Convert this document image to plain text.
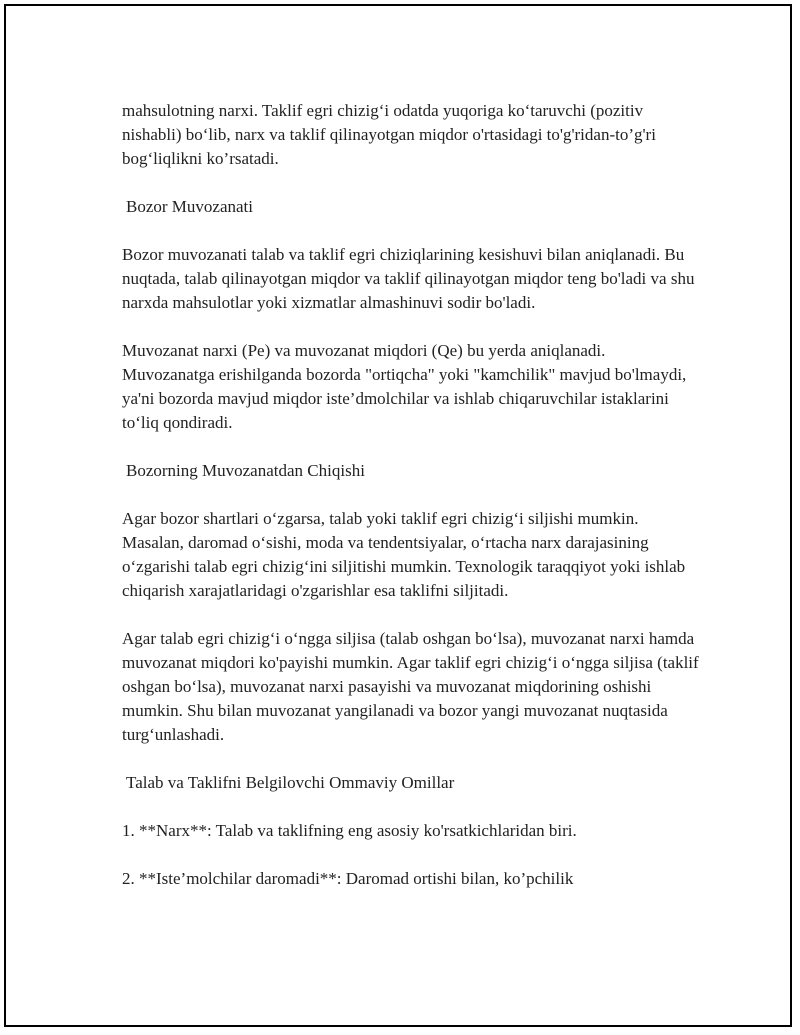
mahsulotning narxi. Taklif egri chizig‘i odatda yuqoriga ko‘taruvchi (pozitiv nishabli) bo‘lib, narx va taklif qilinayotgan miqdor o'rtasidagi to'g'ridan-to’g'ri bog‘liqlikni ko’rsatadi.

Bozor Muvozanati

Bozor muvozanati talab va taklif egri chiziqlarining kesishuvi bilan aniqlanadi. Bu nuqtada, talab qilinayotgan miqdor va taklif qilinayotgan miqdor teng bo'ladi va shu narxda mahsulotlar yoki xizmatlar almashinuvi sodir bo'ladi.

Muvozanat narxi (Pe) va muvozanat miqdori (Qe) bu yerda aniqlanadi. Muvozanatga erishilganda bozorda "ortiqcha" yoki "kamchilik" mavjud bo'lmaydi, ya'ni bozorda mavjud miqdor iste’dmolchilar va ishlab chiqaruvchilar istaklarini to‘liq qondiradi.

Bozorning Muvozanatdan Chiqishi

Agar bozor shartlari o‘zgarsa, talab yoki taklif egri chizig‘i siljishi mumkin. Masalan, daromad o‘sishi, moda va tendentsiyalar, o‘rtacha narx darajasining o‘zgarishi talab egri chizig‘ini siljitishi mumkin. Texnologik taraqqiyot yoki ishlab chiqarish xarajatlaridagi o'zgarishlar esa taklifni siljitadi.

Agar talab egri chizig‘i o‘ngga siljisa (talab oshgan bo‘lsa), muvozanat narxi hamda muvozanat miqdori ko'payishi mumkin. Agar taklif egri chizig‘i o‘ngga siljisa (taklif oshgan bo‘lsa), muvozanat narxi pasayishi va muvozanat miqdorining oshishi mumkin. Shu bilan muvozanat yangilanadi va bozor yangi muvozanat nuqtasida turg‘unlashadi.

Talab va Taklifni Belgilovchi Ommaviy Omillar

1. **Narx**: Talab va taklifning eng asosiy ko'rsatkichlaridan biri.

2. **Iste’molchilar daromadi**: Daromad ortishi bilan, ko’pchilik
